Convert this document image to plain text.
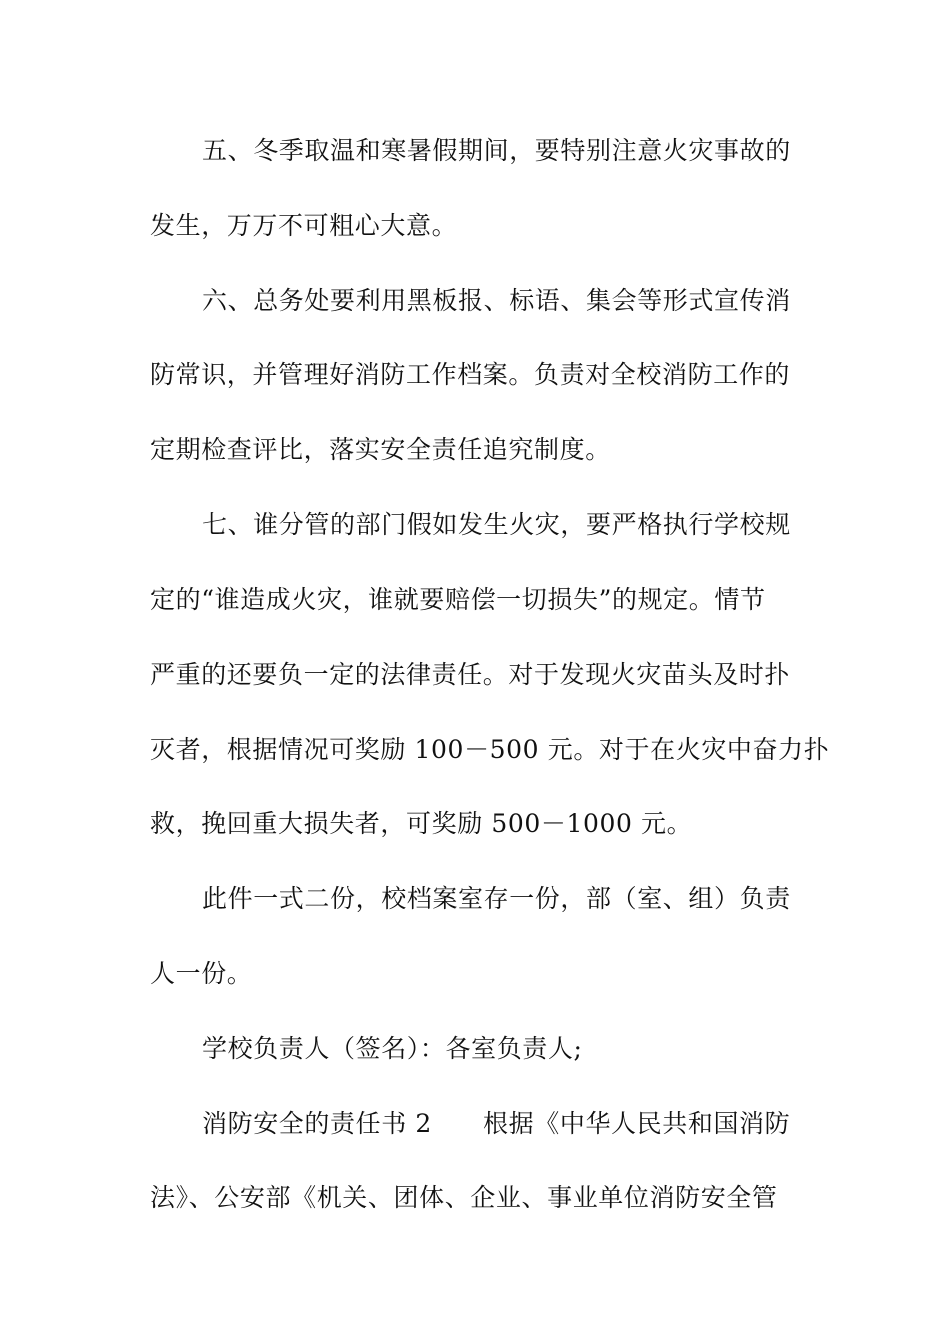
五、冬季取温和寒暑假期间，要特别注意火灾事故的
发生，万万不可粗心大意。
六、总务处要利用黑板报、标语、集会等形式宣传消
防常识，并管理好消防工作档案。负责对全校消防工作的
定期检查评比，落实安全责任追究制度。
七、谁分管的部门假如发生火灾，要严格执行学校规
定的“谁造成火灾，谁就要赔偿一切损失”的规定。情节
严重的还要负一定的法律责任。对于发现火灾苗头及时扑
灭者，根据情况可奖励 100－500 元。对于在火灾中奋力扑
救，挽回重大损失者，可奖励 500－1000 元。
此件一式二份，校档案室存一份，部（室、组）负责
人一份。
学校负责人（签名）：各室负责人;
消防安全的责任书 2　　根据《中华人民共和国消防
法》、公安部《机关、团体、企业、事业单位消防安全管
